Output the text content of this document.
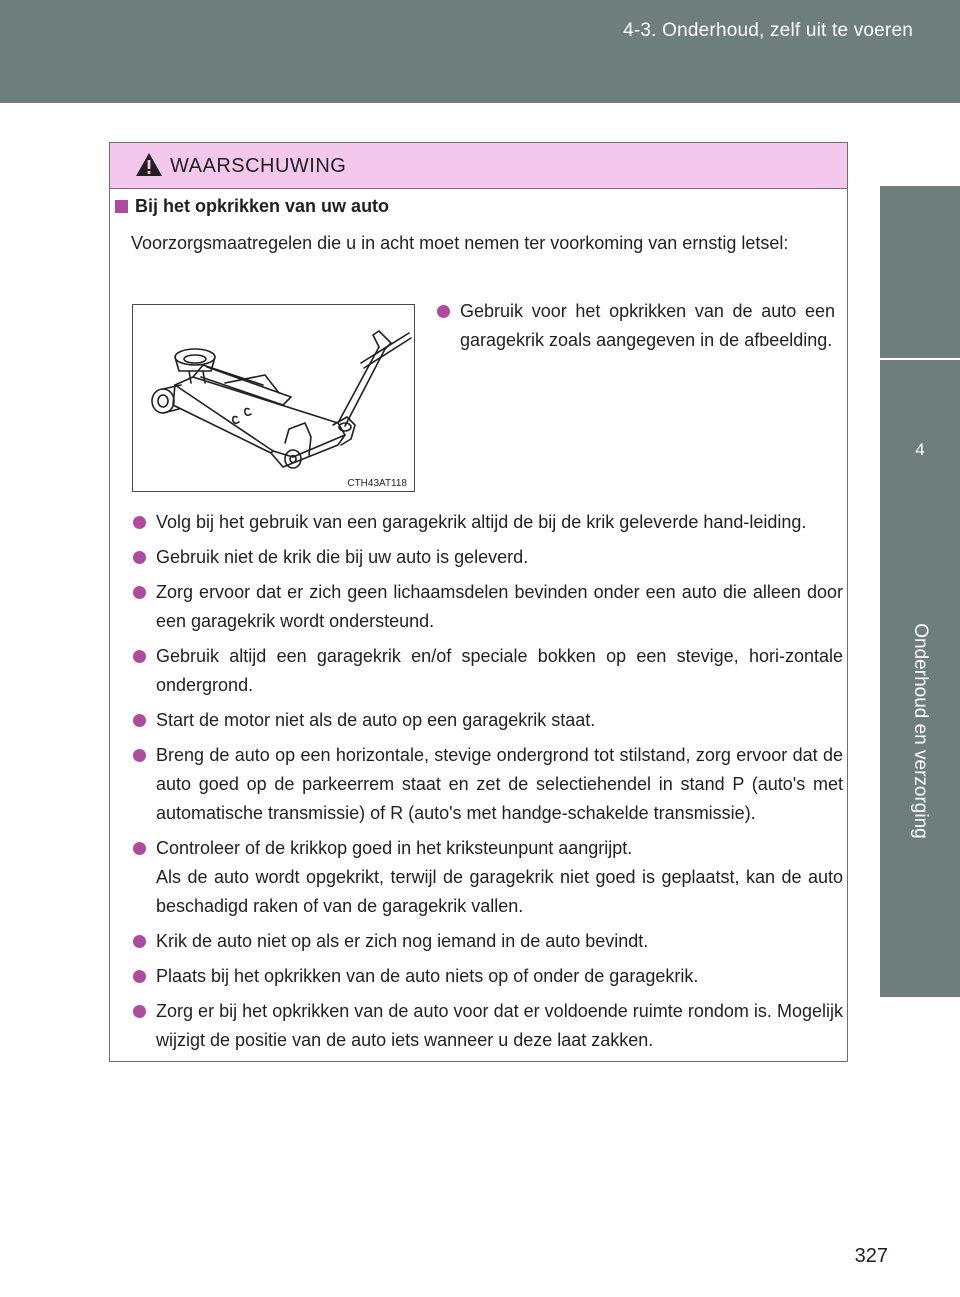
4-3. Onderhoud, zelf uit te voeren
4
Onderhoud en verzorging
WAARSCHUWING
Bij het opkrikken van uw auto
Voorzorgsmaatregelen die u in acht moet nemen ter voorkoming van ernstig letsel:
CTH43AT118
Gebruik voor het opkrikken van de auto een garagekrik zoals aangegeven in de afbeelding.
Volg bij het gebruik van een garagekrik altijd de bij de krik geleverde hand-leiding.
Gebruik niet de krik die bij uw auto is geleverd.
Zorg ervoor dat er zich geen lichaamsdelen bevinden onder een auto die alleen door een garagekrik wordt ondersteund.
Gebruik altijd een garagekrik en/of speciale bokken op een stevige, hori-zontale ondergrond.
Start de motor niet als de auto op een garagekrik staat.
Breng de auto op een horizontale, stevige ondergrond tot stilstand, zorg ervoor dat de auto goed op de parkeerrem staat en zet de selectiehendel in stand P (auto's met automatische transmissie) of R (auto's met handge-schakelde transmissie).
Controleer of de krikkop goed in het kriksteunpunt aangrijpt.
Als de auto wordt opgekrikt, terwijl de garagekrik niet goed is geplaatst, kan de auto beschadigd raken of van de garagekrik vallen.
Krik de auto niet op als er zich nog iemand in de auto bevindt.
Plaats bij het opkrikken van de auto niets op of onder de garagekrik.
Zorg er bij het opkrikken van de auto voor dat er voldoende ruimte rondom is. Mogelijk wijzigt de positie van de auto iets wanneer u deze laat zakken.
327
